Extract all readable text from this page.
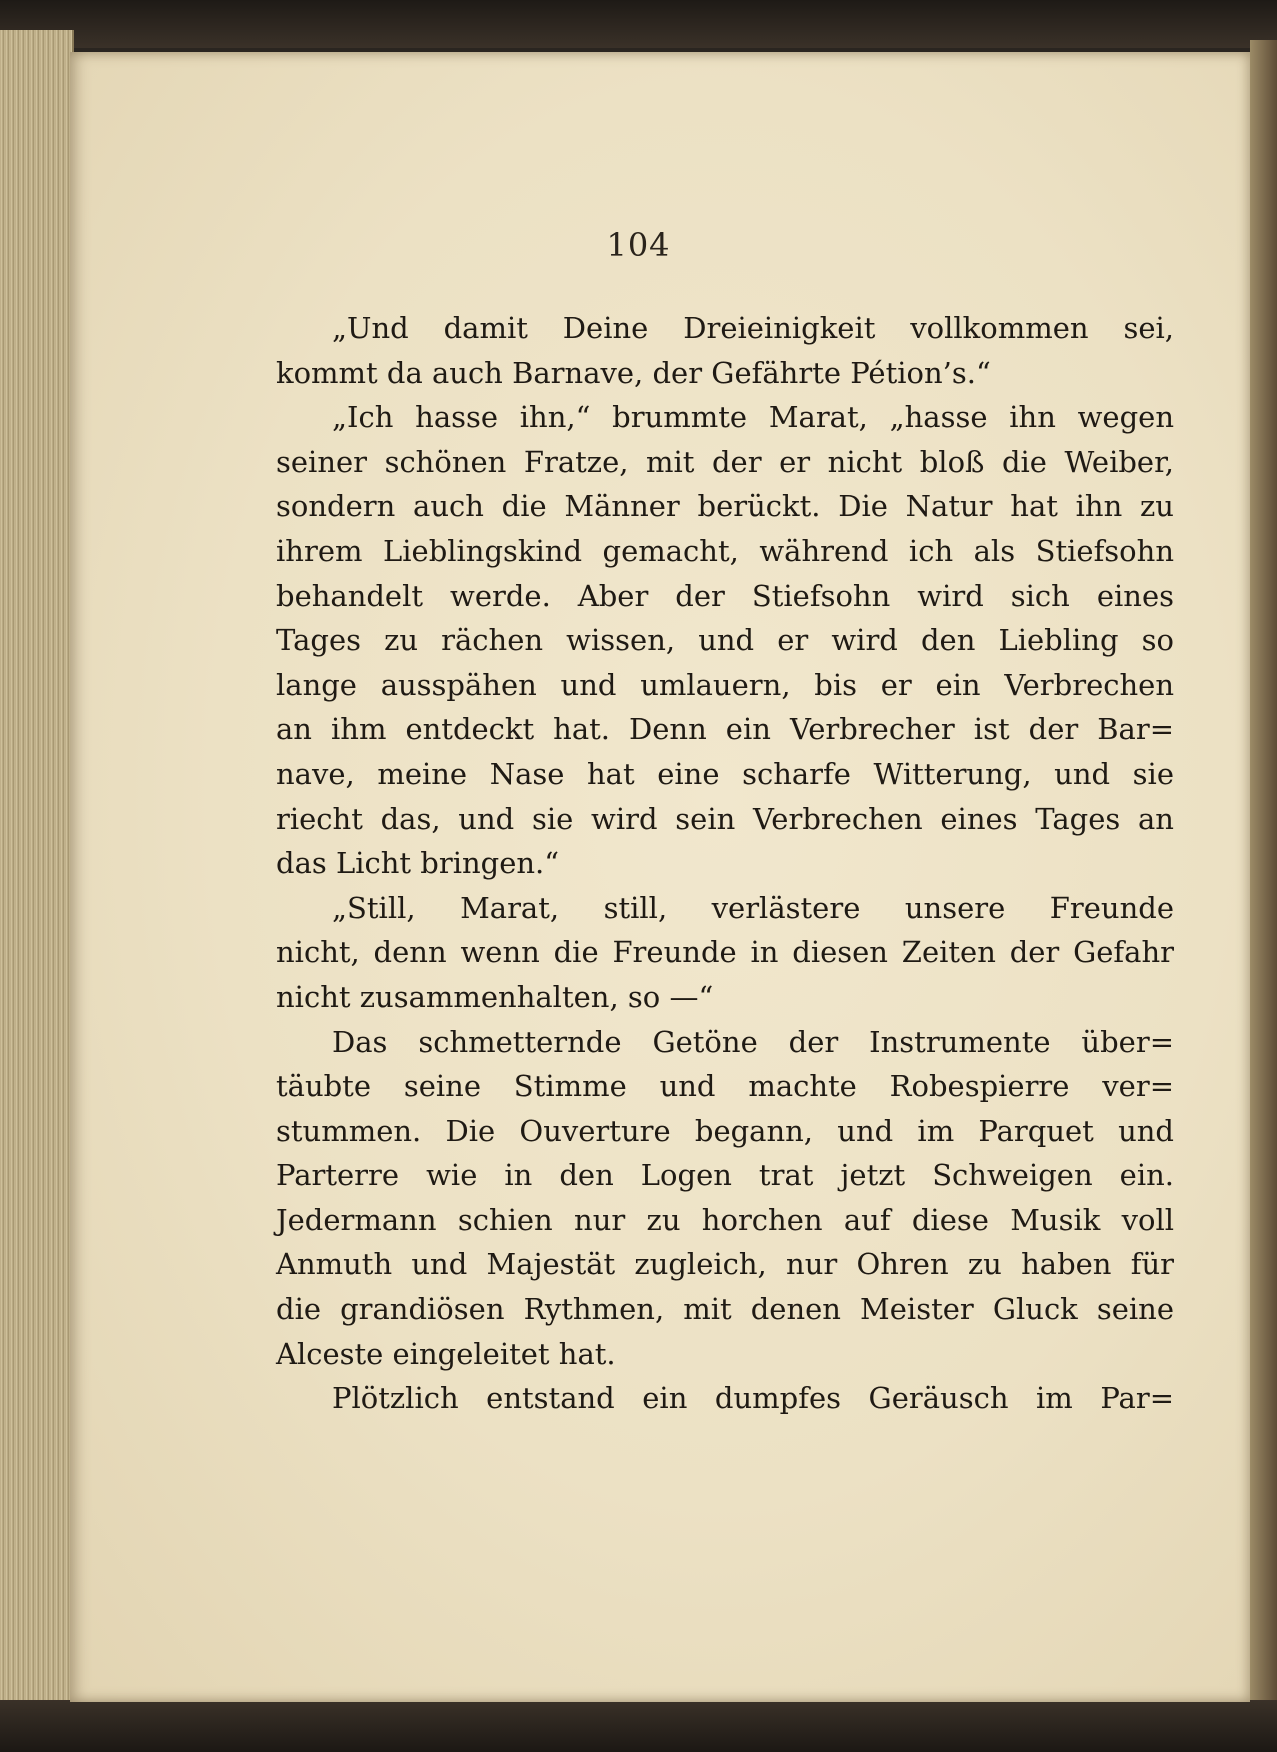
104
„Und damit Deine Dreieinigkeit vollkommen sei,
kommt da auch Barnave, der Gefährte Pétion’s.“
„Ich hasse ihn,“ brummte Marat, „hasse ihn wegen
seiner schönen Fratze, mit der er nicht bloß die Weiber,
sondern auch die Männer berückt. Die Natur hat ihn zu
ihrem Lieblingskind gemacht, während ich als Stiefsohn
behandelt werde. Aber der Stiefsohn wird sich eines
Tages zu rächen wissen, und er wird den Liebling so
lange ausspähen und umlauern, bis er ein Verbrechen
an ihm entdeckt hat. Denn ein Verbrecher ist der Bar=
nave, meine Nase hat eine scharfe Witterung, und sie
riecht das, und sie wird sein Verbrechen eines Tages an
das Licht bringen.“
„Still, Marat, still, verlästere unsere Freunde
nicht, denn wenn die Freunde in diesen Zeiten der Gefahr
nicht zusammenhalten, so —“
Das schmetternde Getöne der Instrumente über=
täubte seine Stimme und machte Robespierre ver=
stummen. Die Ouverture begann, und im Parquet und
Parterre wie in den Logen trat jetzt Schweigen ein.
Jedermann schien nur zu horchen auf diese Musik voll
Anmuth und Majestät zugleich, nur Ohren zu haben für
die grandiösen Rythmen, mit denen Meister Gluck seine
Alceste eingeleitet hat.
Plötzlich entstand ein dumpfes Geräusch im Par=
